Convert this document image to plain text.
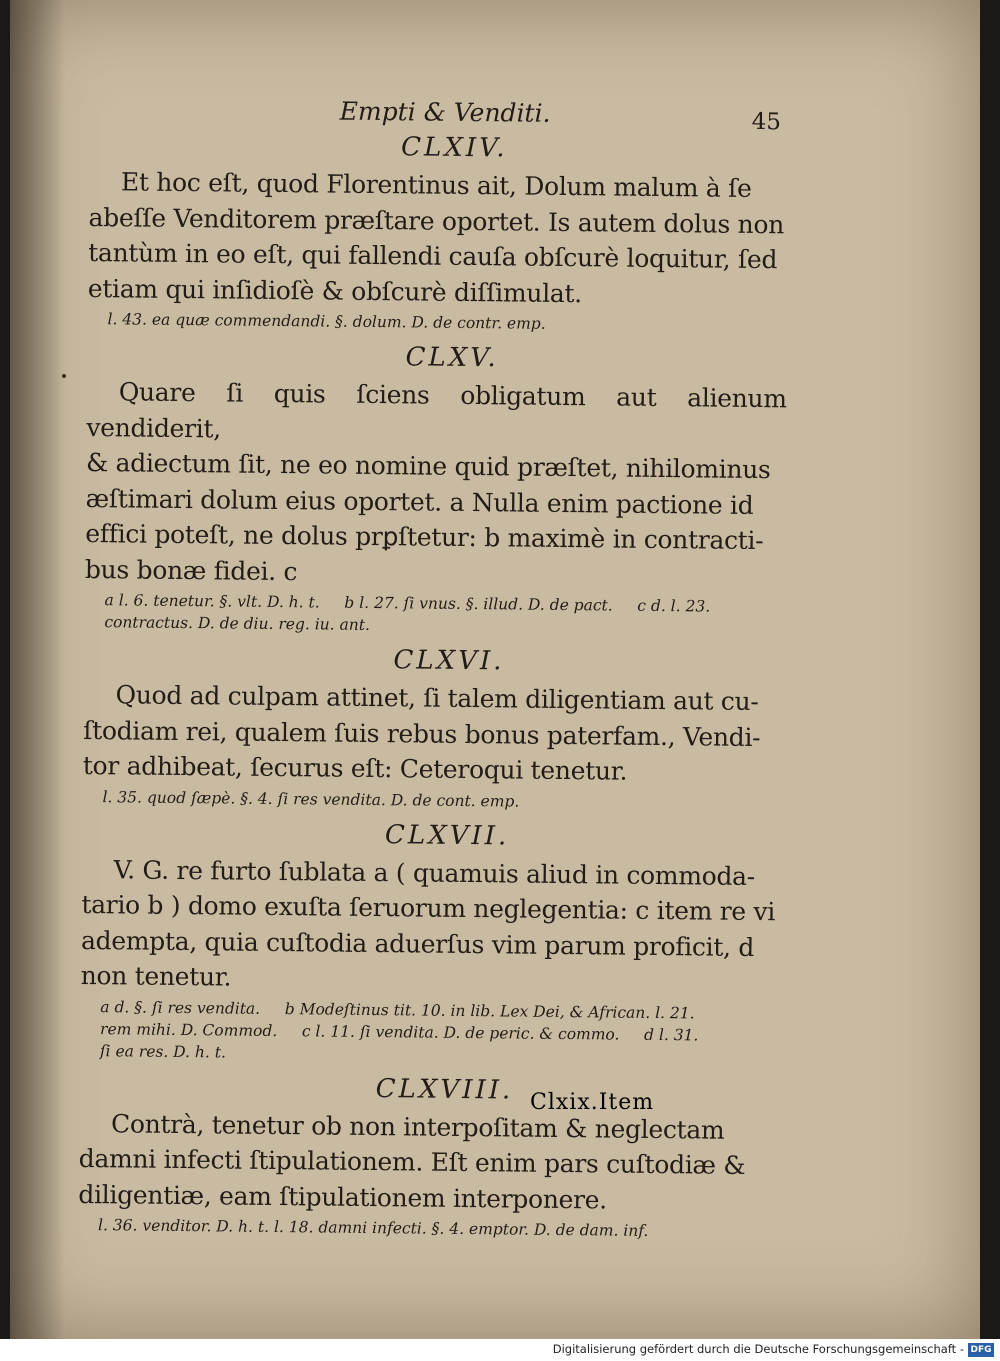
Empti & Venditi.	45
CLXIV.
Et hoc eſt, quod Florentinus ait, Dolum malum à ſe
abeſſe Venditorem præſtare oportet. Is autem dolus non
tantùm in eo eſt, qui fallendi cauſa obſcurè loquitur, ſed
etiam qui inſidioſè & obſcurè diſſimulat.
l. 43. ea quæ commendandi. §. dolum. D. de contr. emp.
CLXV.
Quare ſi quis ſciens obligatum aut alienum vendiderit,
& adiectum ſit, ne eo nomine quid præſtet, nihilominus
æſtimari dolum eius oportet. a Nulla enim pactione id
effici poteſt, ne dolus prꝑſtetur: b maximè in contracti-
bus bonæ fidei. c
a l. 6. tenetur. §. vlt. D. h. t.     b l. 27. ſi vnus. §. illud. D. de pact.     c d. l. 23.
contractus. D. de diu. reg. iu. ant.
CLXVI.
Quod ad culpam attinet, ſi talem diligentiam aut cu-
ſtodiam rei, qualem ſuis rebus bonus paterfam., Vendi-
tor adhibeat, ſecurus eſt: Ceteroqui tenetur.
l. 35. quod ſæpè. §. 4. ſi res vendita. D. de cont. emp.
CLXVII.
V. G. re furto ſublata a ( quamuis aliud in commoda-
tario b ) domo exuſta ſeruorum neglegentia: c item re vi
adempta, quia cuſtodia aduerſus vim parum proficit, d
non tenetur.
a d. §. ſi res vendita.     b Modeſtinus tit. 10. in lib. Lex Dei, & African. l. 21.
rem mihi. D. Commod.     c l. 11. ſi vendita. D. de peric. & commo.     d l. 31.
ſi ea res. D. h. t.
CLXVIII.
Contrà, tenetur ob non interpoſitam & neglectam
damni infecti ſtipulationem. Eſt enim pars cuſtodiæ &
diligentiæ, eam ſtipulationem interponere.
l. 36. venditor. D. h. t. l. 18. damni infecti. §. 4. emptor. D. de dam. inf.
Clxix.Item
Digitalisierung gefördert durch die Deutsche Forschungsgemeinschaft - DFG
